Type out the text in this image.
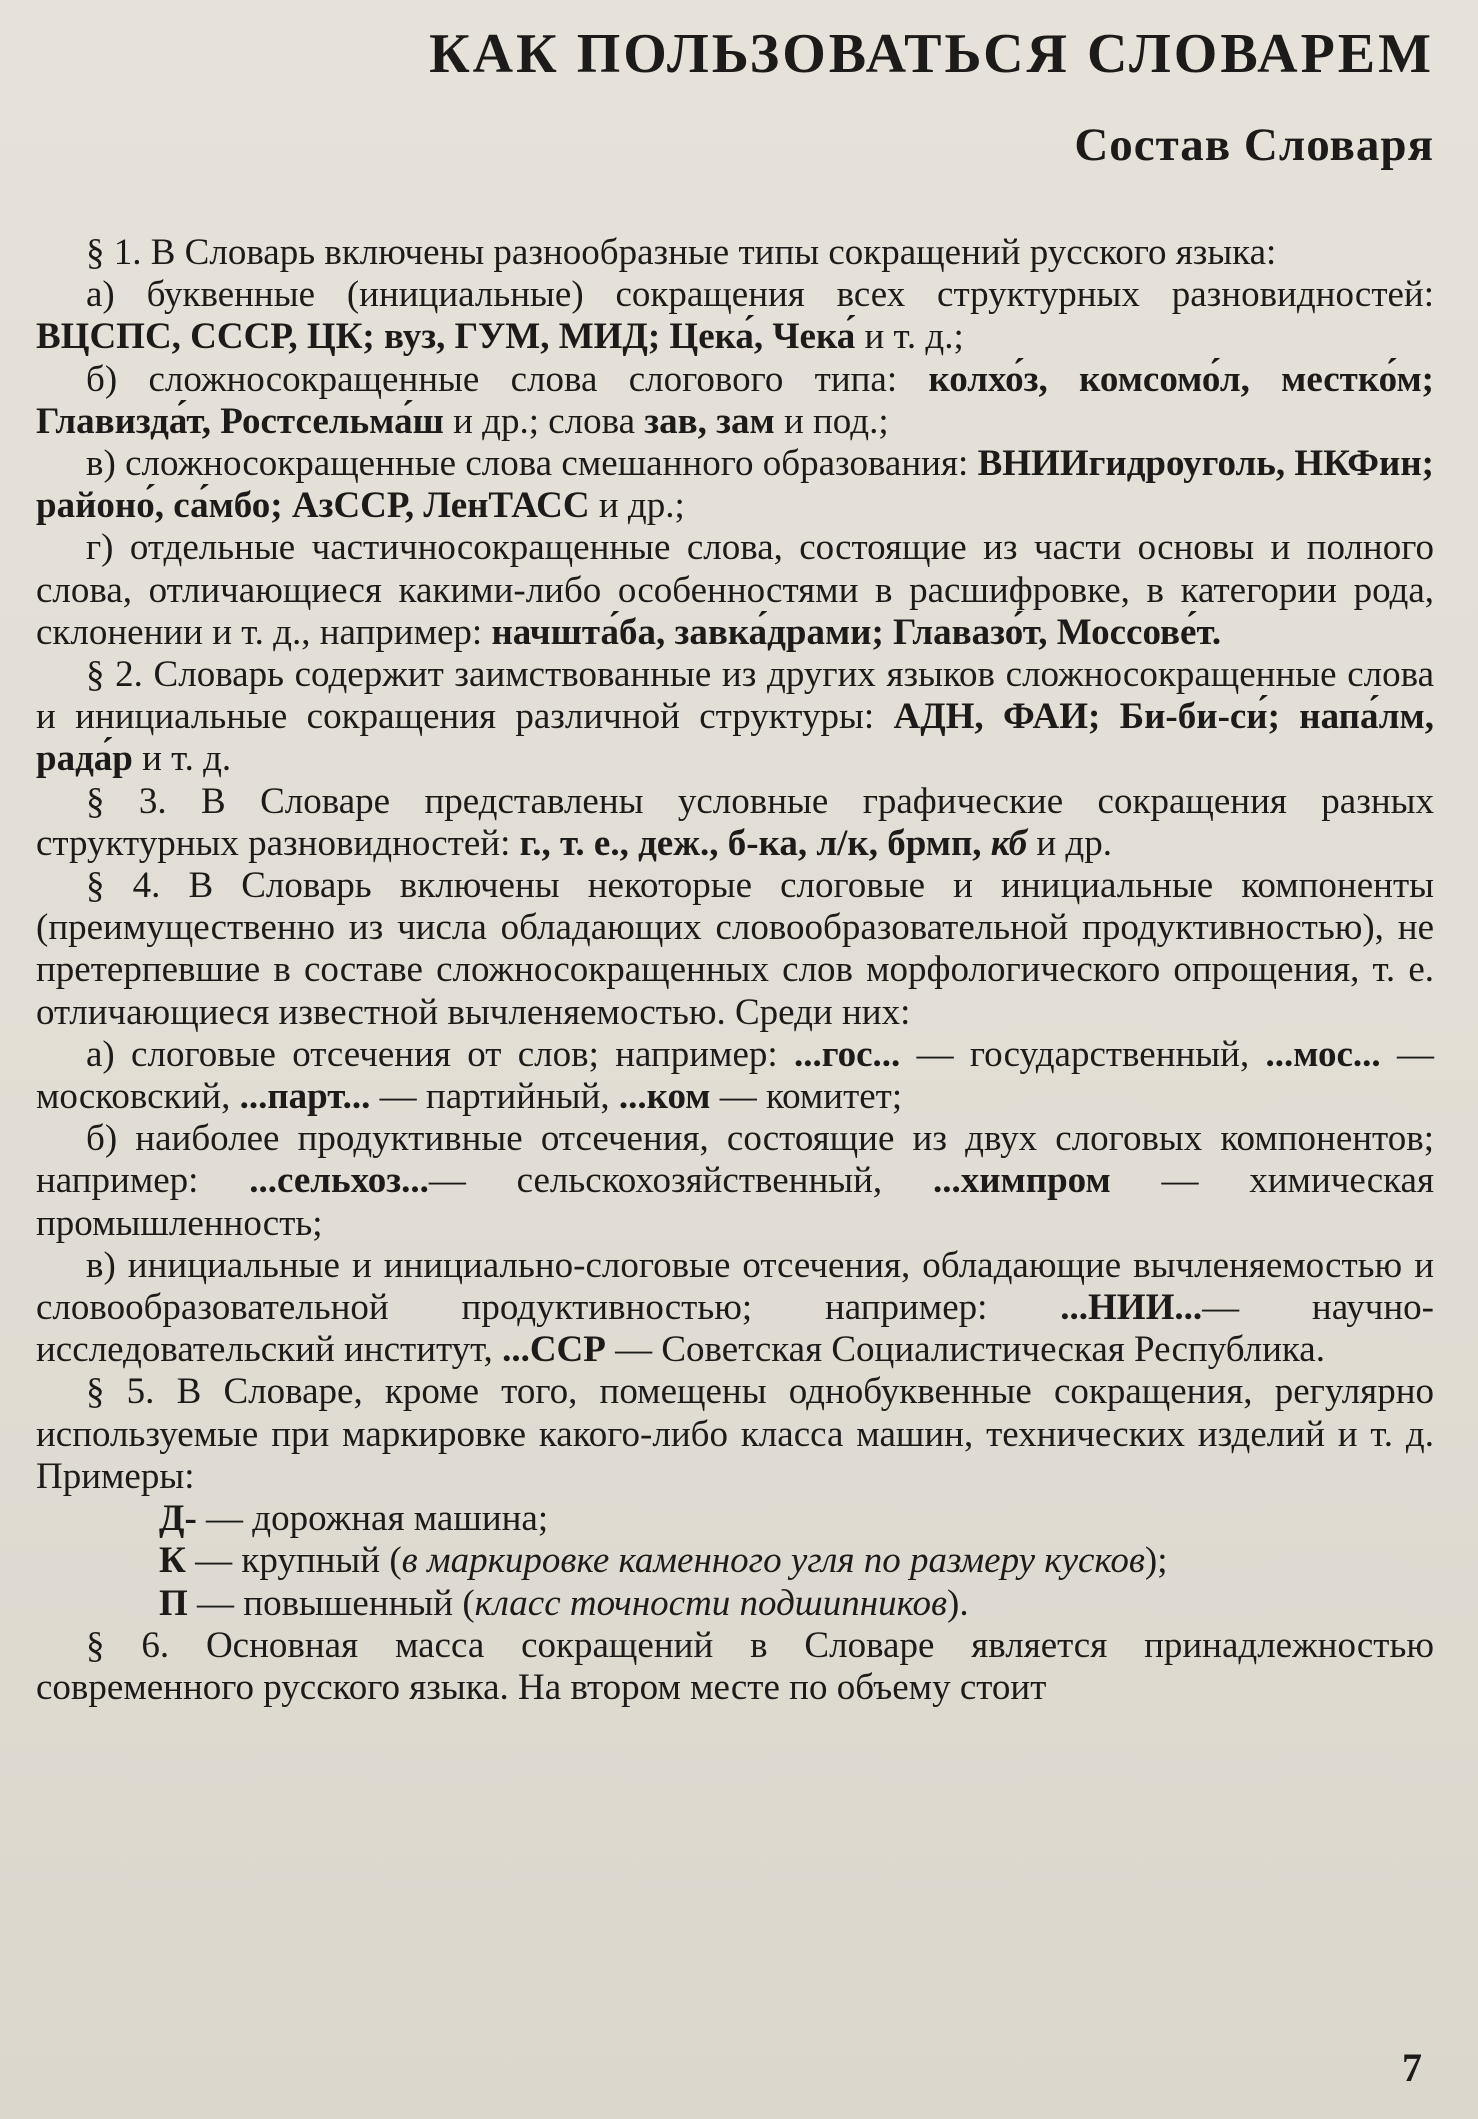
КАК ПОЛЬЗОВАТЬСЯ СЛОВАРЕМ
Состав Словаря

§ 1. В Словарь включены разнообразные типы сокращений русского языка:

а) буквенные (инициальные) сокращения всех структурных разновидностей: ВЦСПС, СССР, ЦК; вуз, ГУМ, МИД; Цека́, Чека́ и т. д.;

б) сложносокращенные слова слогового типа: колхо́з, комсомо́л, местко́м; Главизда́т, Ростсельма́ш и др.; слова зав, зам и под.;

в) сложносокращенные слова смешанного образования: ВНИИгидроуголь, НКФин; районо́, са́мбо; АзССР, ЛенТАСС и др.;

г) отдельные частичносокращенные слова, состоящие из части основы и полного слова, отличающиеся какими-либо особенностями в расшифровке, в категории рода, склонении и т. д., например: начшта́ба, завка́драми; Главазо́т, Моссове́т.

§ 2. Словарь содержит заимствованные из других языков сложносокращенные слова и инициальные сокращения различной структуры: АДН, ФАИ; Би-би-си́; напа́лм, рада́р и т. д.

§ 3. В Словаре представлены условные графические сокращения разных структурных разновидностей: г., т. е., деж., б-ка, л/к, брмп, кб и др.

§ 4. В Словарь включены некоторые слоговые и инициальные компоненты (преимущественно из числа обладающих словообразовательной продуктивностью), не претерпевшие в составе сложносокращенных слов морфологического опрощения, т. е. отличающиеся известной вычленяемостью. Среди них:

а) слоговые отсечения от слов; например: ...гос... — государственный, ...мос... — московский, ...парт... — партийный, ...ком — комитет;

б) наиболее продуктивные отсечения, состоящие из двух слоговых компонентов; например: ...сельхоз...— сельскохозяйственный, ...химпром — химическая промышленность;

в) инициальные и инициально-слоговые отсечения, обладающие вычленяемостью и словообразовательной продуктивностью; например: ...НИИ...— научно-исследовательский институт, ...ССР — Советская Социалистическая Республика.

§ 5. В Словаре, кроме того, помещены однобуквенные сокращения, регулярно используемые при маркировке какого-либо класса машин, технических изделий и т. д. Примеры:

Д- — дорожная машина;
К — крупный (в маркировке каменного угля по размеру кусков);
П — повышенный (класс точности подшипников).

§ 6. Основная масса сокращений в Словаре является принадлежностью современного русского языка. На втором месте по объему стоит

7
